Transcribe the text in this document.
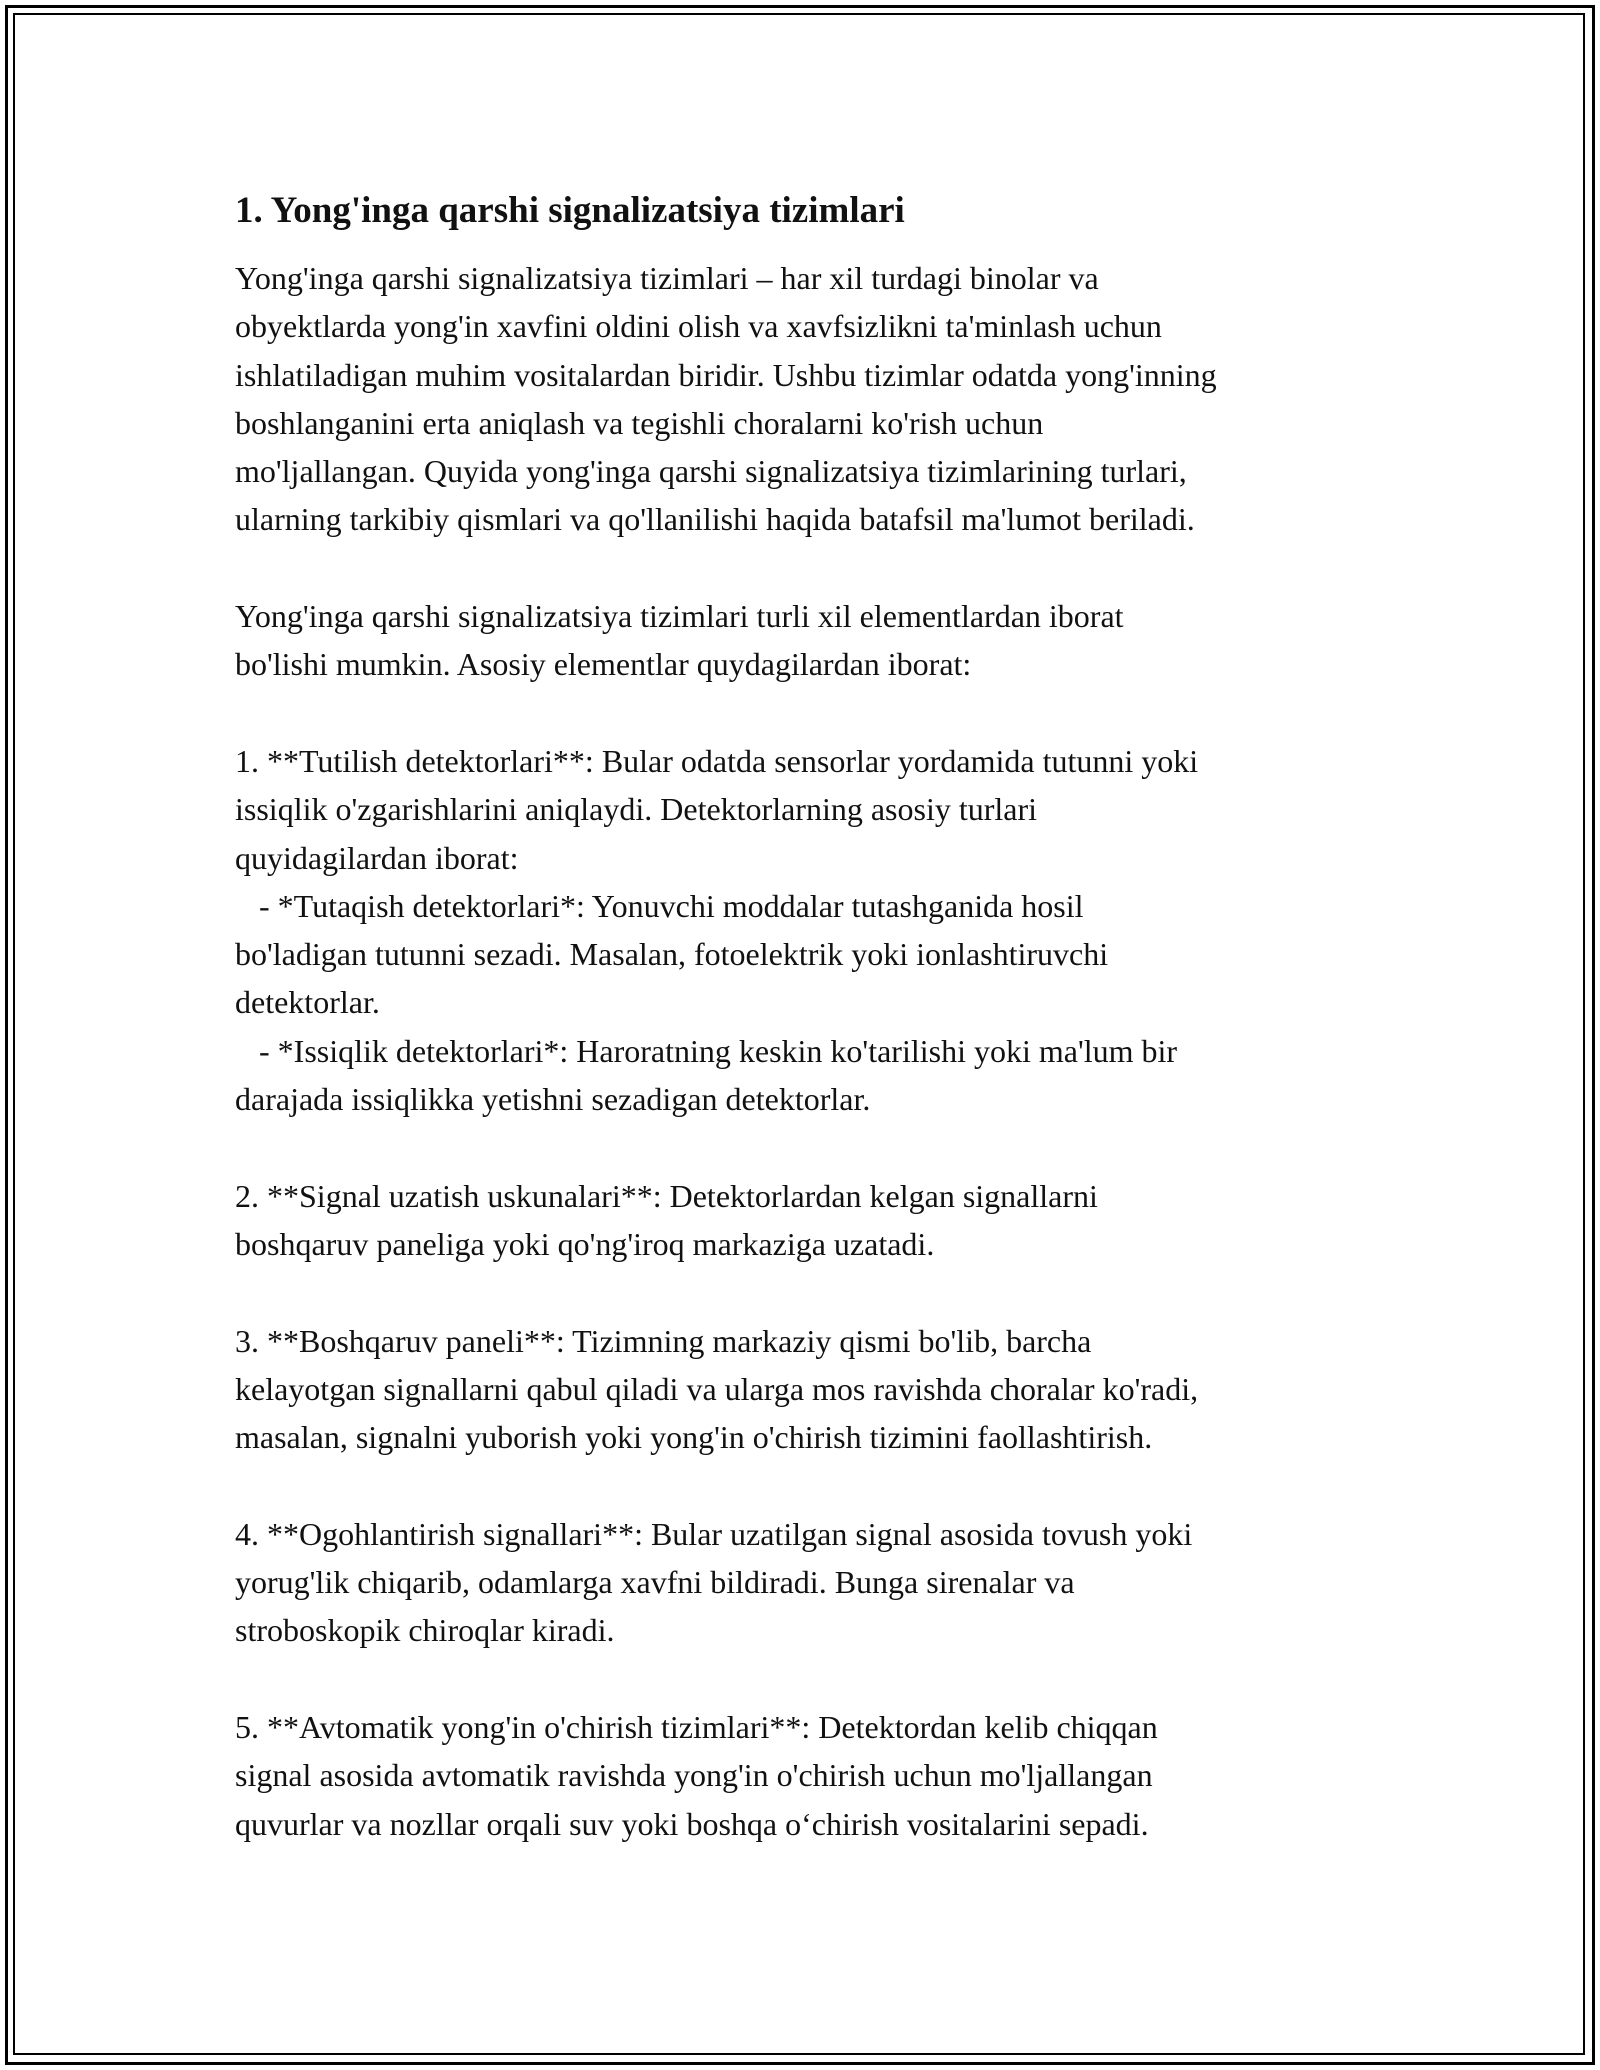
1. Yong'inga qarshi signalizatsiya tizimlari
Yong'inga qarshi signalizatsiya tizimlari – har xil turdagi binolar va
obyektlarda yong'in xavfini oldini olish va xavfsizlikni ta'minlash uchun
ishlatiladigan muhim vositalardan biridir. Ushbu tizimlar odatda yong'inning
boshlanganini erta aniqlash va tegishli choralarni ko'rish uchun
mo'ljallangan. Quyida yong'inga qarshi signalizatsiya tizimlarining turlari,
ularning tarkibiy qismlari va qo'llanilishi haqida batafsil ma'lumot beriladi.
Yong'inga qarshi signalizatsiya tizimlari turli xil elementlardan iborat
bo'lishi mumkin. Asosiy elementlar quydagilardan iborat:
1. **Tutilish detektorlari**: Bular odatda sensorlar yordamida tutunni yoki
issiqlik o'zgarishlarini aniqlaydi. Detektorlarning asosiy turlari
quyidagilardan iborat:
- *Tutaqish detektorlari*: Yonuvchi moddalar tutashganida hosil
bo'ladigan tutunni sezadi. Masalan, fotoelektrik yoki ionlashtiruvchi
detektorlar.
- *Issiqlik detektorlari*: Haroratning keskin ko'tarilishi yoki ma'lum bir
darajada issiqlikka yetishni sezadigan detektorlar.
2. **Signal uzatish uskunalari**: Detektorlardan kelgan signallarni
boshqaruv paneliga yoki qo'ng'iroq markaziga uzatadi.
3. **Boshqaruv paneli**: Tizimning markaziy qismi bo'lib, barcha
kelayotgan signallarni qabul qiladi va ularga mos ravishda choralar ko'radi,
masalan, signalni yuborish yoki yong'in o'chirish tizimini faollashtirish.
4. **Ogohlantirish signallari**: Bular uzatilgan signal asosida tovush yoki
yorug'lik chiqarib, odamlarga xavfni bildiradi. Bunga sirenalar va
stroboskopik chiroqlar kiradi.
5. **Avtomatik yong'in o'chirish tizimlari**: Detektordan kelib chiqqan
signal asosida avtomatik ravishda yong'in o'chirish uchun mo'ljallangan
quvurlar va nozllar orqali suv yoki boshqa o‘chirish vositalarini sepadi.
